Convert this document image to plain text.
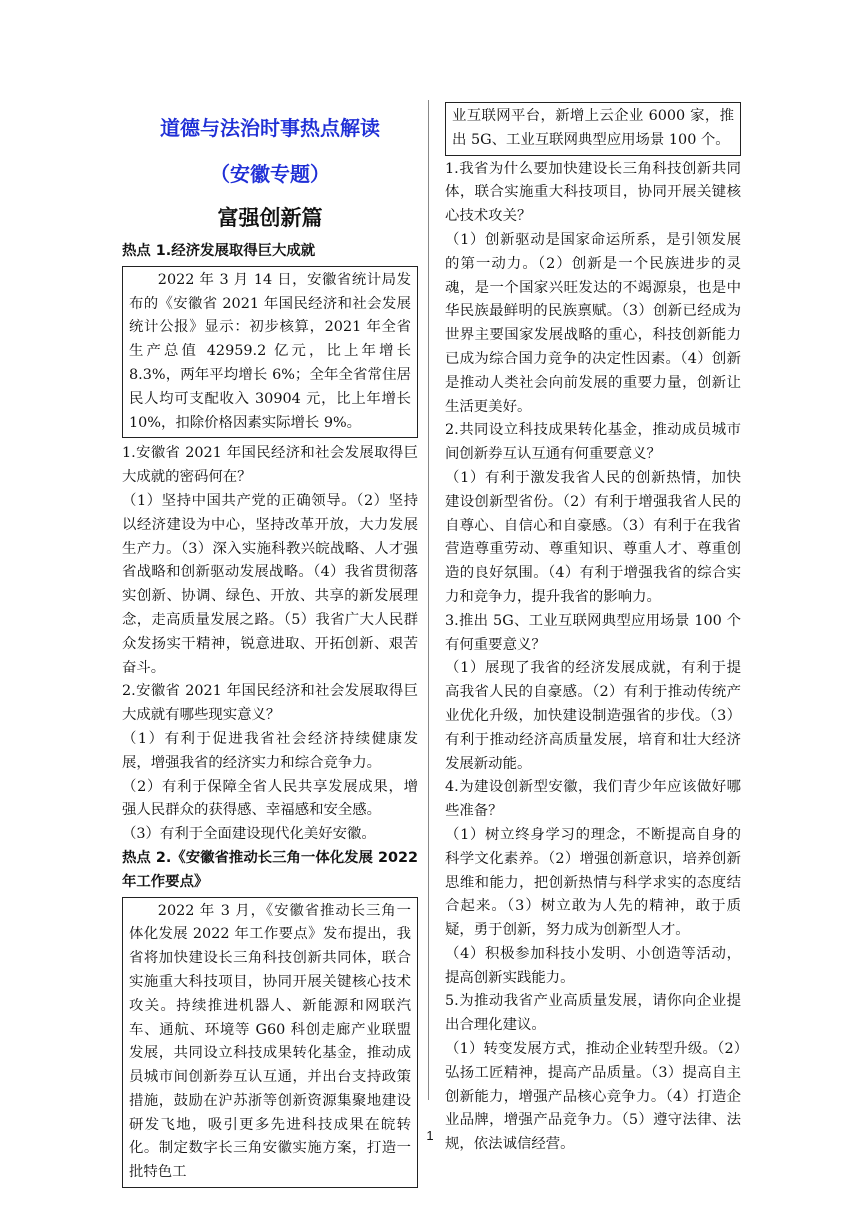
道德与法治时事热点解读
（安徽专题）
富强创新篇
热点 1.经济发展取得巨大成就

2022 年 3 月 14 日，安徽省统计局发布的《安徽省 2021 年国民经济和社会发展统计公报》显示：初步核算，2021 年全省生产总值 42959.2 亿元，比上年增长 8.3%，两年平均增长 6%；全年全省常住居民人均可支配收入 30904 元，比上年增长 10%，扣除价格因素实际增长 9%。

1.安徽省 2021 年国民经济和社会发展取得巨大成就的密码何在？

（1）坚持中国共产党的正确领导。（2）坚持以经济建设为中心，坚持改革开放，大力发展生产力。（3）深入实施科教兴皖战略、人才强省战略和创新驱动发展战略。（4）我省贯彻落实创新、协调、绿色、开放、共享的新发展理念，走高质量发展之路。（5）我省广大人民群众发扬实干精神，锐意进取、开拓创新、艰苦奋斗。

2.安徽省 2021 年国民经济和社会发展取得巨大成就有哪些现实意义？

（1）有利于促进我省社会经济持续健康发展，增强我省的经济实力和综合竞争力。

（2）有利于保障全省人民共享发展成果，增强人民群众的获得感、幸福感和安全感。

（3）有利于全面建设现代化美好安徽。

热点 2.《安徽省推动长三角一体化发展 2022 年工作要点》

2022 年 3 月，《安徽省推动长三角一体化发展 2022 年工作要点》发布提出，我省将加快建设长三角科技创新共同体，联合实施重大科技项目，协同开展关键核心技术攻关。持续推进机器人、新能源和网联汽车、通航、环境等 G60 科创走廊产业联盟发展，共同设立科技成果转化基金，推动成员城市间创新券互认互通，并出台支持政策措施，鼓励在沪苏浙等创新资源集聚地建设研发飞地，吸引更多先进科技成果在皖转化。制定数字长三角安徽实施方案，打造一批特色工

业互联网平台，新增上云企业 6000 家，推出 5G、工业互联网典型应用场景 100 个。

1.我省为什么要加快建设长三角科技创新共同体，联合实施重大科技项目，协同开展关键核心技术攻关？

（1）创新驱动是国家命运所系，是引领发展的第一动力。（2）创新是一个民族进步的灵魂，是一个国家兴旺发达的不竭源泉，也是中华民族最鲜明的民族禀赋。（3）创新已经成为世界主要国家发展战略的重心，科技创新能力已成为综合国力竞争的决定性因素。（4）创新是推动人类社会向前发展的重要力量，创新让生活更美好。

2.共同设立科技成果转化基金，推动成员城市间创新券互认互通有何重要意义？

（1）有利于激发我省人民的创新热情，加快建设创新型省份。（2）有利于增强我省人民的自尊心、自信心和自豪感。（3）有利于在我省营造尊重劳动、尊重知识、尊重人才、尊重创造的良好氛围。（4）有利于增强我省的综合实力和竞争力，提升我省的影响力。

3.推出 5G、工业互联网典型应用场景 100 个有何重要意义？

（1）展现了我省的经济发展成就，有利于提高我省人民的自豪感。（2）有利于推动传统产业优化升级，加快建设制造强省的步伐。（3）有利于推动经济高质量发展，培育和壮大经济发展新动能。

4.为建设创新型安徽，我们青少年应该做好哪些准备？

（1）树立终身学习的理念，不断提高自身的科学文化素养。（2）增强创新意识，培养创新思维和能力，把创新热情与科学求实的态度结合起来。（3）树立敢为人先的精神，敢于质疑，勇于创新，努力成为创新型人才。

（4）积极参加科技小发明、小创造等活动，提高创新实践能力。

5.为推动我省产业高质量发展，请你向企业提出合理化建议。

（1）转变发展方式，推动企业转型升级。（2）弘扬工匠精神，提高产品质量。（3）提高自主创新能力，增强产品核心竞争力。（4）打造企业品牌，增强产品竞争力。（5）遵守法律、法规，依法诚信经营。

1
